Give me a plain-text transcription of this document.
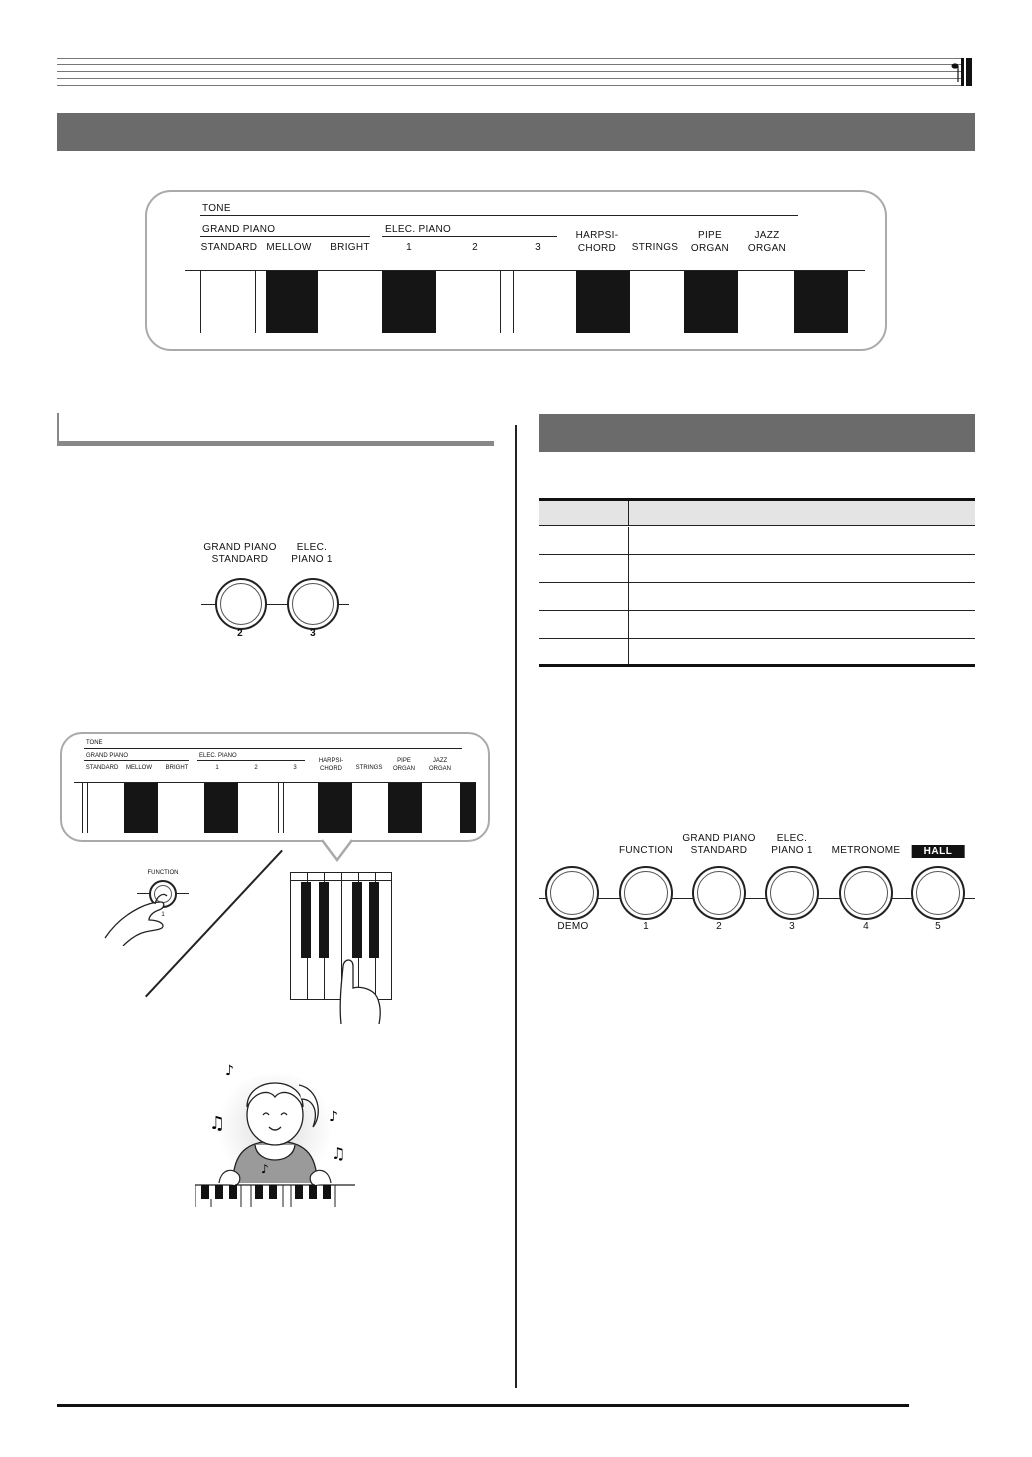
TONE
GRAND PIANO	ELEC. PIANO
STANDARD MELLOW BRIGHT	1	2	3
HARPSI-
CHORD STRINGS
PIPE
ORGAN
JAZZ
ORGAN
GRAND PIANO
STANDARD
ELEC.
PIANO 1
2	3
TONE
GRAND PIANO	ELEC. PIANO
STANDARD MELLOW BRIGHT	1	2	3
HARPSI-
CHORD STRINGS
PIPE
ORGAN
JAZZ
ORGAN
FUNCTION
1
♫	♪
♫
♪
♪
FUNCTION
GRAND PIANO
STANDARD
ELEC.
PIANO 1 METRONOME	HALL
DEMO	1	2	3	4	5
